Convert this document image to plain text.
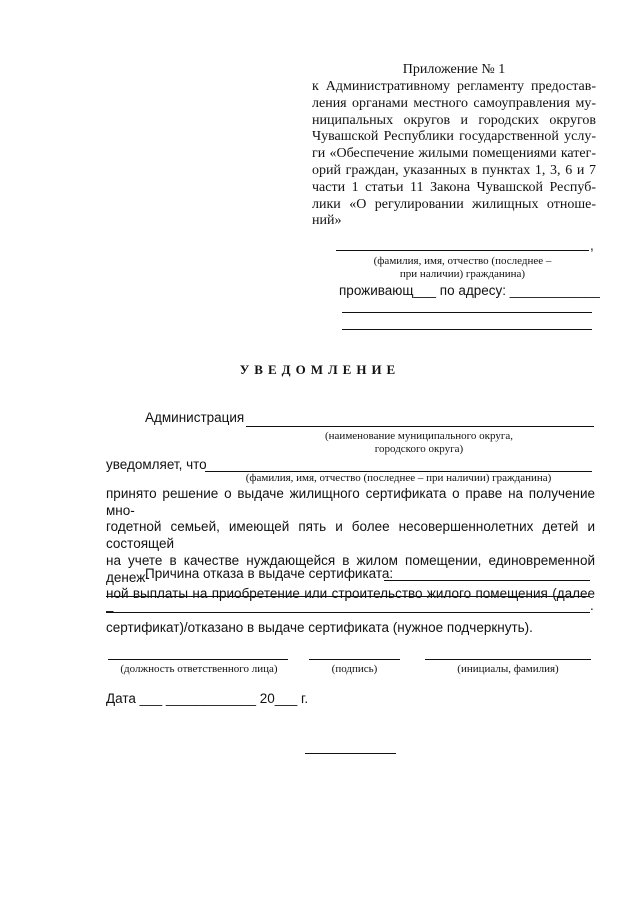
Приложение № 1
к Административному регламенту предостав-
ления органами местного самоуправления му-
ниципальных округов и городских округов
Чувашской Республики государственной услу-
ги «Обеспечение жилыми помещениями катег-
орий граждан, указанных в пунктах 1, 3, 6 и 7
части 1 статьи 11 Закона Чувашской Респуб-
лики «О регулировании жилищных отноше-
ний»
,
(фамилия, имя, отчество (последнее –
при наличии) гражданина)
проживающ___ по адресу: ____________
УВЕДОМЛЕНИЕ
Администрация
(наименование муниципального округа,
городского округа)
уведомляет, что
(фамилия, имя, отчество (последнее – при наличии) гражданина)
принято решение о выдаче жилищного сертификата о праве на получение мно-
годетной семьей, имеющей пять и более несовершеннолетних детей и состоящей
на учете в качестве нуждающейся в жилом помещении, единовременной денеж-
ной выплаты на приобретение или строительство жилого помещения (далее –
сертификат)/отказано в выдаче сертификата (нужное подчеркнуть).
Причина отказа в выдаче сертификата:
.
(должность ответственного лица)	(подпись)	(инициалы, фамилия)
Дата ___ ____________ 20___ г.
